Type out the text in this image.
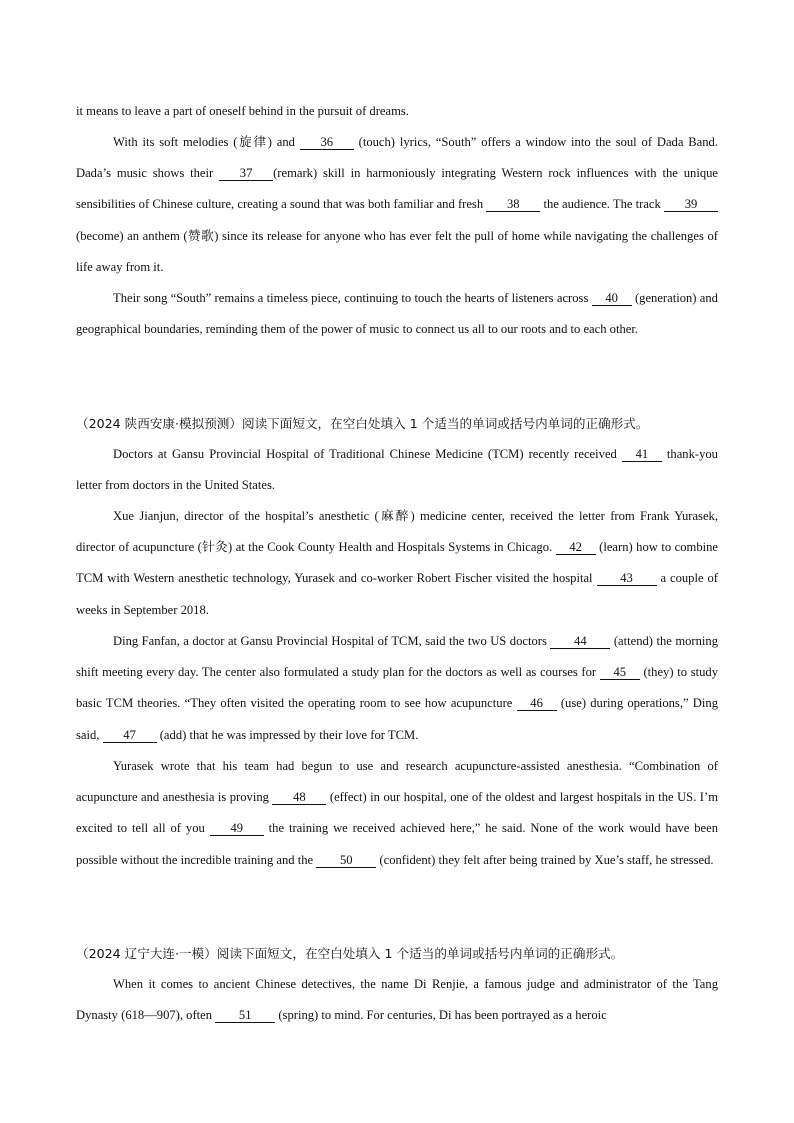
it means to leave a part of oneself behind in the pursuit of dreams.

With its soft melodies (旋律) and 36 (touch) lyrics, “South” offers a window into the soul of Dada Band. Dada’s music shows their 37 (remark) skill in harmoniously integrating Western rock influences with the unique sensibilities of Chinese culture, creating a sound that was both familiar and fresh 38 the audience. The track 39(become) an anthem (赞歌) since its release for anyone who has ever felt the pull of home while navigating the challenges of life away from it.

Their song “South” remains a timeless piece, continuing to touch the hearts of listeners across 40 (generation) and geographical boundaries, reminding them of the power of music to connect us all to our roots and to each other.

（2024 陕西安康·模拟预测）阅读下面短文，在空白处填入 1 个适当的单词或括号内单词的正确形式。

Doctors at Gansu Provincial Hospital of Traditional Chinese Medicine (TCM) recently received 41 thank-you letter from doctors in the United States.

Xue Jianjun, director of the hospital’s anesthetic (麻醉) medicine center, received the letter from Frank Yurasek, director of acupuncture (针灸) at the Cook County Health and Hospitals Systems in Chicago. 42 (learn) how to combine TCM with Western anesthetic technology, Yurasek and co-worker Robert Fischer visited the hospital 43 a couple of weeks in September 2018.

Ding Fanfan, a doctor at Gansu Provincial Hospital of TCM, said the two US doctors 44 (attend) the morning shift meeting every day. The center also formulated a study plan for the doctors as well as courses for 45 (they) to study basic TCM theories. “They often visited the operating room to see how acupuncture 46 (use) during operations,” Ding said, 47 (add) that he was impressed by their love for TCM.

Yurasek wrote that his team had begun to use and research acupuncture-assisted anesthesia. “Combination of acupuncture and anesthesia is proving 48 (effect) in our hospital, one of the oldest and largest hospitals in the US. I’m excited to tell all of you 49 the training we received achieved here,” he said. None of the work would have been possible without the incredible training and the 50 (confident) they felt after being trained by Xue’s staff, he stressed.

（2024 辽宁大连·一模）阅读下面短文，在空白处填入 1 个适当的单词或括号内单词的正确形式。

When it comes to ancient Chinese detectives, the name Di Renjie, a famous judge and administrator of the Tang Dynasty (618—907), often 51 (spring) to mind. For centuries, Di has been portrayed as a heroic
